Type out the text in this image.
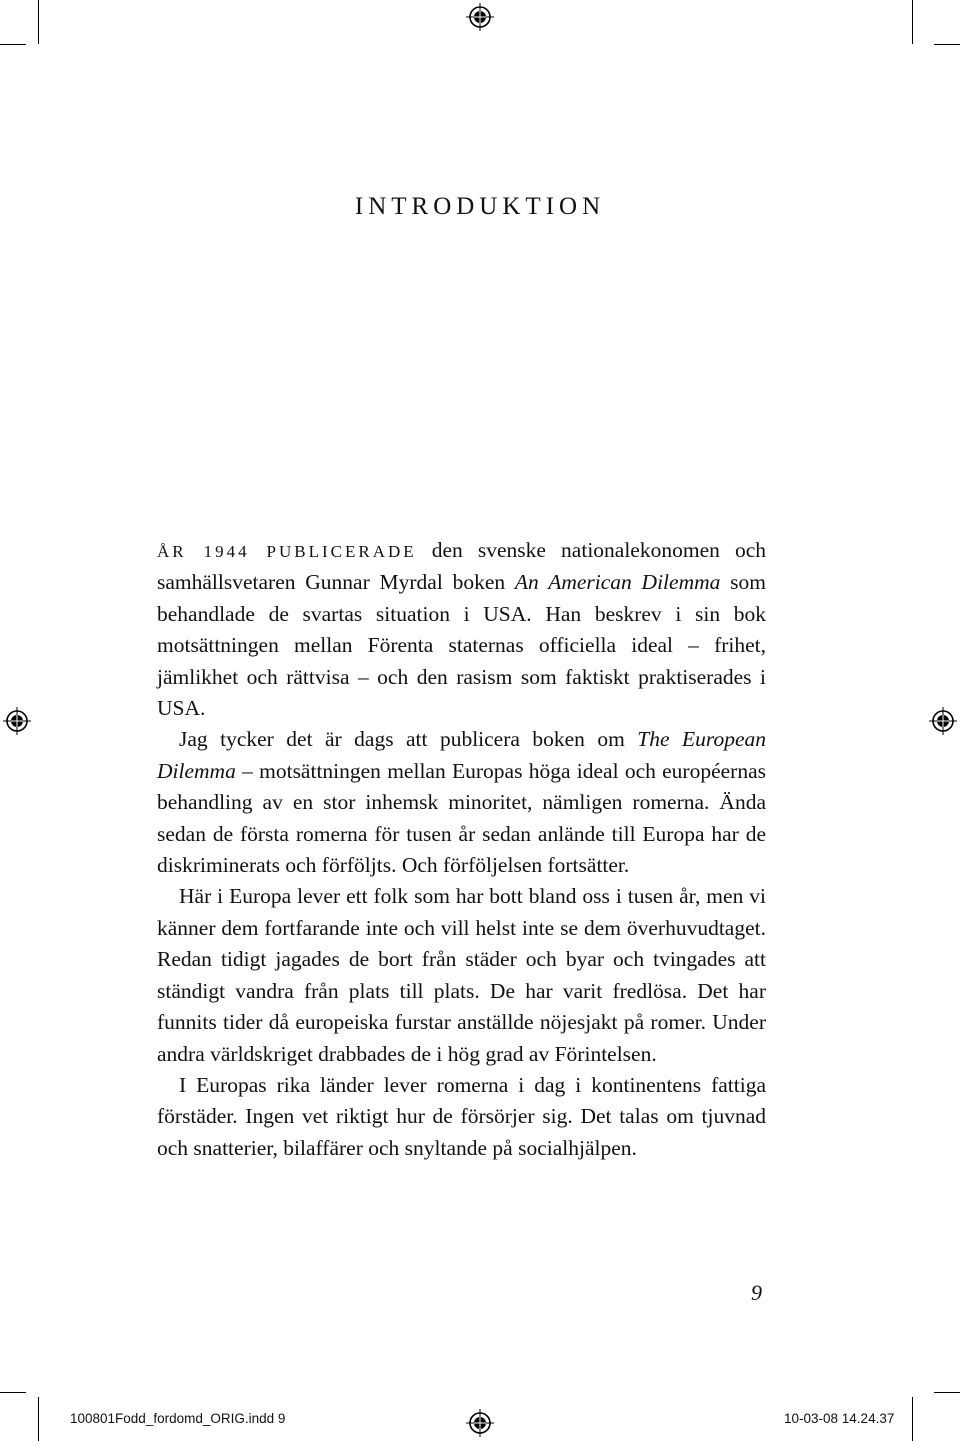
INTRODUKTION

ÅR 1944 PUBLICERADE den svenske nationalekonomen och samhällsvetaren Gunnar Myrdal boken An American Dilemma som behandlade de svartas situation i USA. Han beskrev i sin bok motsättningen mellan Förenta staternas officiella ideal – frihet, jämlikhet och rättvisa – och den rasism som faktiskt praktiserades i USA.

Jag tycker det är dags att publicera boken om The European Dilemma – motsättningen mellan Europas höga ideal och européernas behandling av en stor inhemsk minoritet, nämligen romerna. Ända sedan de första romerna för tusen år sedan anlände till Europa har de diskriminerats och förföljts. Och förföljelsen fortsätter.

Här i Europa lever ett folk som har bott bland oss i tusen år, men vi känner dem fortfarande inte och vill helst inte se dem överhuvudtaget. Redan tidigt jagades de bort från städer och byar och tvingades att ständigt vandra från plats till plats. De har varit fredlösa. Det har funnits tider då europeiska furstar anställde nöjesjakt på romer. Under andra världskriget drabbades de i hög grad av Förintelsen.

I Europas rika länder lever romerna i dag i kontinentens fattiga förstäder. Ingen vet riktigt hur de försörjer sig. Det talas om tjuvnad och snatterier, bilaffärer och snyltande på socialhjälpen.

9
100801Fodd_fordomd_ORIG.indd 9	10-03-08 14.24.37
